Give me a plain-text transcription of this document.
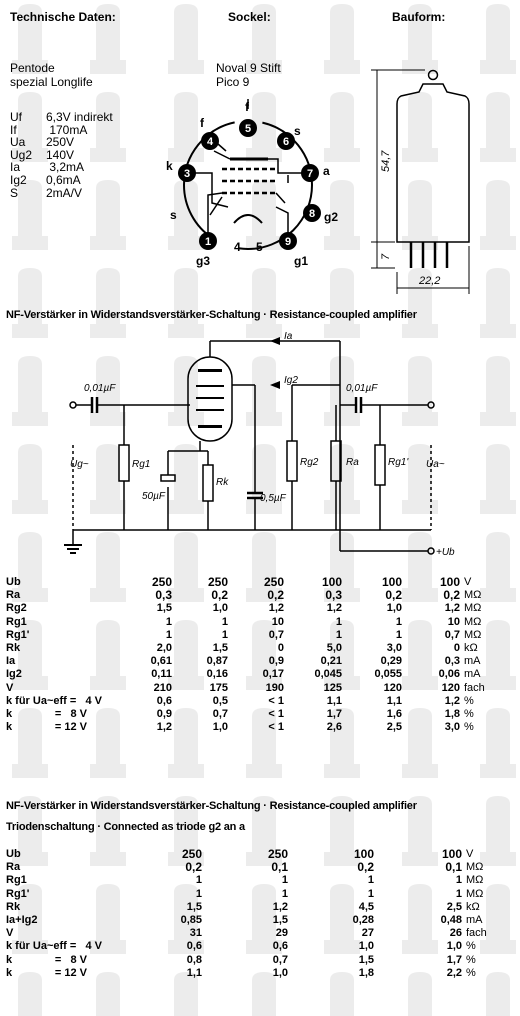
Technische Daten:	Sockel:	Bauform:
Pentode
spezial Longlife
Noval 9 Stift
Pico 9
Uf	6,3V indirekt
If	170mA
Ua	250V
Ug2	140V
Ia	3,2mA
Ig2	0,6mA
S	2mA/V
1
4
3
5
6
7
8
9
f
f
s
k	a
s	g2
g3	g1
4 5
54,7
7
22,2
NF-Verstärker in Widerstandsverstärker-Schaltung · Resistance-coupled amplifier
Ia
Ig2
0,01µF	0,01µF
Ug~	Rg1
50µF
Rk
0,5µF
Rg2	Ra	Rg1' Ua~
+Ub
Ub	250	250	250	100	100	100	V
Ra	0,3	0,2	0,2	0,3	0,2	0,2	MΩ
Rg2	1,5	1,0	1,2	1,2	1,0	1,2	MΩ
Rg1	1	1	10	1	1	10	MΩ
Rg1'	1	1	0,7	1	1	0,7	MΩ
Rk	2,0	1,5	0	5,0	3,0	0	kΩ
Ia	0,61	0,87	0,9	0,21	0,29	0,3	mA
Ig2	0,11	0,16	0,17	0,045	0,055	0,06	mA
V	210	175	190	125	120	120	fach
k für Ua~eff =   4 V	0,6	0,5	< 1	1,1	1,1	1,2	%
k              =   8 V	0,9	0,7	< 1	1,7	1,6	1,8	%
k              = 12 V	1,2	1,0	< 1	2,6	2,5	3,0	%
NF-Verstärker in Widerstandsverstärker-Schaltung · Resistance-coupled amplifier
Triodenschaltung · Connected as triode g2 an a
Ub	250	250	100	100	V
Ra	0,2	0,1	0,2	0,1	MΩ
Rg1	1	1	1	1	MΩ
Rg1'	1	1	1	1	MΩ
Rk	1,5	1,2	4,5	2,5	kΩ
Ia+Ig2	0,85	1,5	0,28	0,48	mA
V	31	29	27	26	fach
k für Ua~eff =   4 V	0,6	0,6	1,0	1,0	%
k              =   8 V	0,8	0,7	1,5	1,7	%
k              = 12 V	1,1	1,0	1,8	2,2	%
